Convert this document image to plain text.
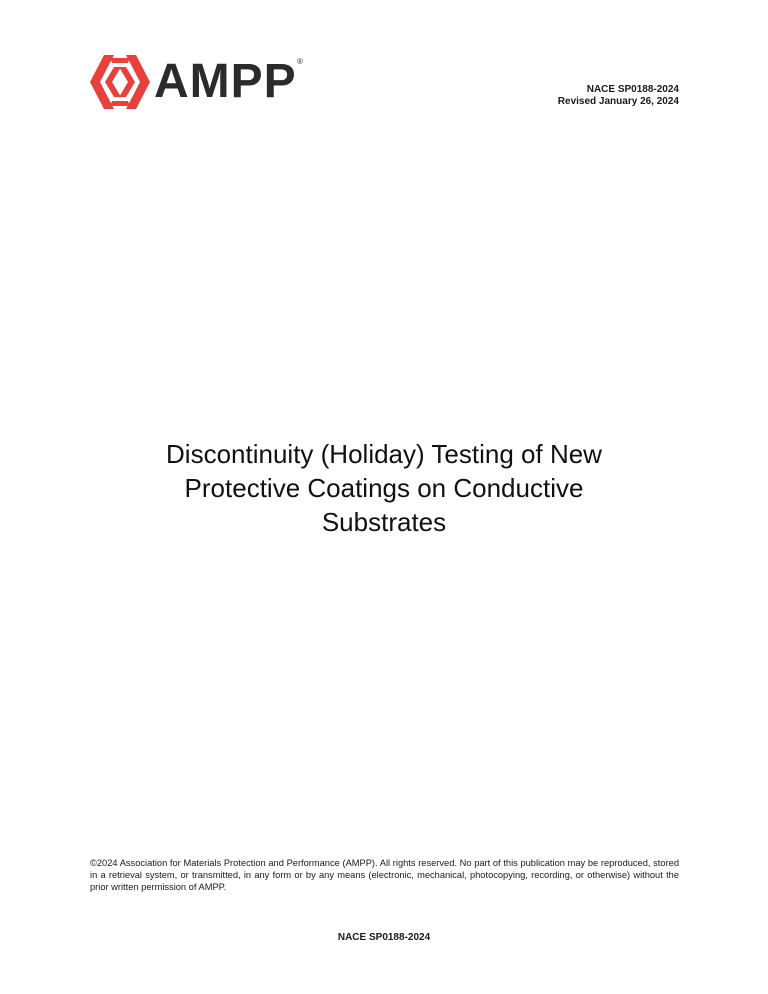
AMPP ®
NACE SP0188-2024
Revised January 26, 2024
Discontinuity (Holiday) Testing of New
Protective Coatings on Conductive
Substrates

©2024 Association for Materials Protection and Performance (AMPP). All rights reserved. No part of this publication may be reproduced, stored in a retrieval system, or transmitted, in any form or by any means (electronic, mechanical, photocopying, recording, or otherwise) without the prior written permission of AMPP.

NACE SP0188-2024
